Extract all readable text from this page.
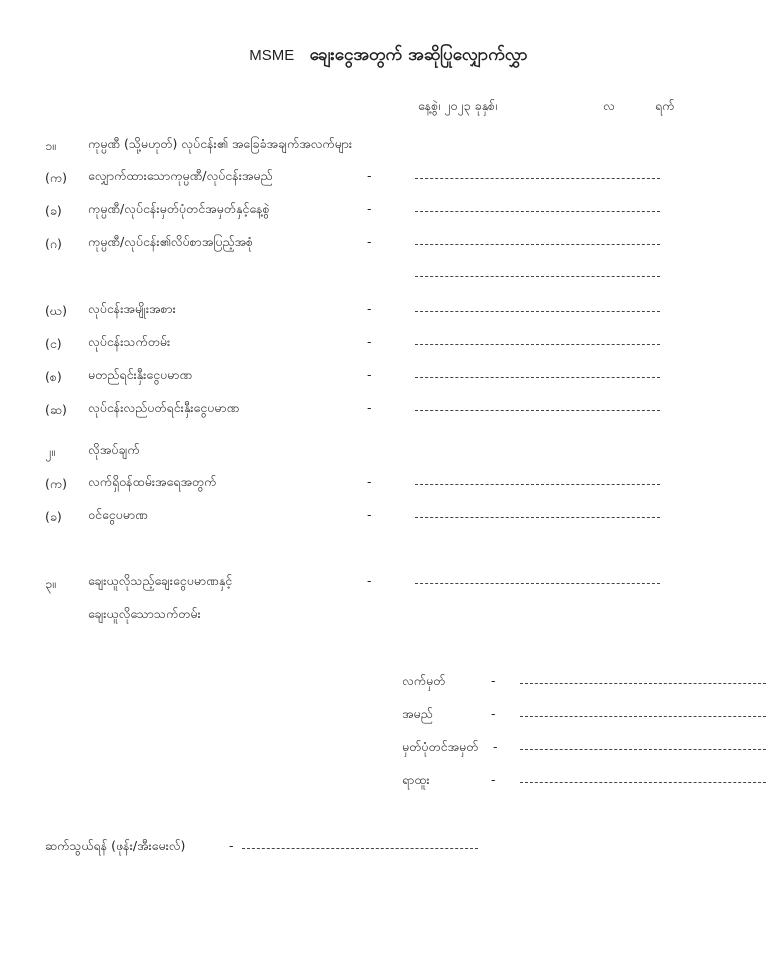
MSME ချေးငွေအတွက် အဆိုပြုလျှောက်လွှာ
နေ့စွဲ၊ ၂၀၂၃ ခုနှစ်၊	လ	ရက်
၁။	ကုမ္ပဏီ (သို့မဟုတ်) လုပ်ငန်း၏ အခြေခံအချက်အလက်များ
(က) လျှောက်ထားသောကုမ္ပဏီ/လုပ်ငန်းအမည်	-
(ခ) ကုမ္ပဏီ/လုပ်ငန်းမှတ်ပုံတင်အမှတ်နှင့်နေ့စွဲ	-
(ဂ) ကုမ္ပဏီ/လုပ်ငန်း၏လိပ်စာအပြည့်အစုံ	-
(ဃ) လုပ်ငန်းအမျိုးအစား	-
(င) လုပ်ငန်းသက်တမ်း	-
(စ) မတည်ရင်းနှီးငွေပမာဏ	-
(ဆ) လုပ်ငန်းလည်ပတ်ရင်းနှီးငွေပမာဏ	-
၂။	လိုအပ်ချက်
(က) လက်ရှိဝန်ထမ်းအရေအတွက်	-
(ခ) ဝင်ငွေပမာဏ	-
၃။	ချေးယူလိုသည့်ချေးငွေပမာဏနှင့်	-
ချေးယူလိုသောသက်တမ်း
လက်မှတ်	-
အမည်	-
မှတ်ပုံတင်အမှတ် -
ရာထူး	-
ဆက်သွယ်ရန် (ဖုန်း/အီးမေးလ်)	-
